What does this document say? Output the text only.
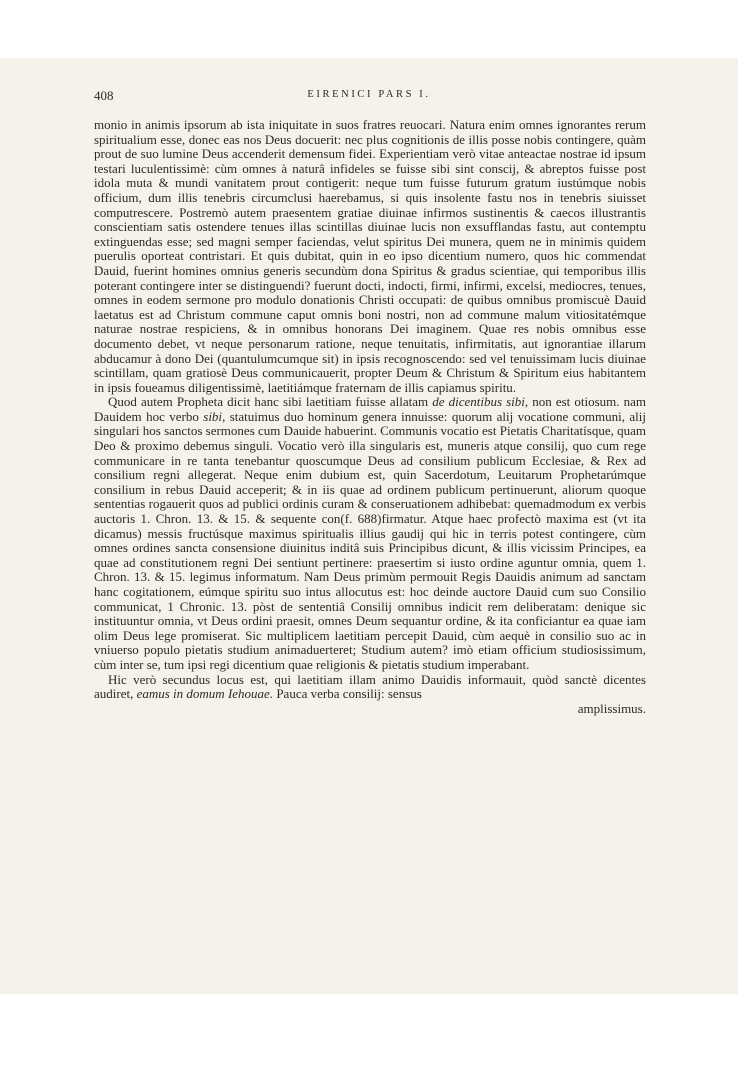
408	EIRENICI PARS I.

monio in animis ipsorum ab ista iniquitate in suos fratres reuocari. Natura enim omnes ignorantes rerum spiritualium esse, donec eas nos Deus docuerit: nec plus cognitionis de illis posse nobis contingere, quàm prout de suo lumine Deus accenderit demensum fidei. Experientiam verò vitae anteactae nostrae id ipsum testari luculentissimè: cùm omnes à naturâ infideles se fuisse sibi sint conscij, & abreptos fuisse post idola muta & mundi vanitatem prout contigerit: neque tum fuisse futurum gratum iustúmque nobis officium, dum illis tenebris circumclusi haerebamus, si quis insolente fastu nos in tenebris siuisset computrescere. Postremò autem praesentem gratiae diuinae infirmos sustinentis & caecos illustrantis conscientiam satis ostendere tenues illas scintillas diuinae lucis non exsufflandas fastu, aut contemptu extinguendas esse; sed magni semper faciendas, velut spiritus Dei munera, quem ne in minimis quidem puerulis oporteat contristari. Et quis dubitat, quin in eo ipso dicentium numero, quos hic commendat Dauid, fuerint homines omnius generis secundùm dona Spiritus & gradus scientiae, qui temporibus illis poterant contingere inter se distinguendi? fuerunt docti, indocti, firmi, infirmi, excelsi, mediocres, tenues, omnes in eodem sermone pro modulo donationis Christi occupati: de quibus omnibus promiscuè Dauid laetatus est ad Christum commune caput omnis boni nostri, non ad commune malum vitiositatémque naturae nostrae respiciens, & in omnibus honorans Dei imaginem. Quae res nobis omnibus esse documento debet, vt neque personarum ratione, neque tenuitatis, infirmitatis, aut ignorantiae illarum abducamur à dono Dei (quantulumcumque sit) in ipsis recognoscendo: sed vel tenuissimam lucis diuinae scintillam, quam gratiosè Deus communicauerit, propter Deum & Christum & Spiritum eius habitantem in ipsis foueamus diligentissimè, laetitiámque fraternam de illis capiamus spiritu.

Quod autem Propheta dicit hanc sibi laetitiam fuisse allatam de dicentibus sibi, non est otiosum. nam Dauidem hoc verbo sibi, statuimus duo hominum genera innuisse: quorum alij vocatione communi, alij singulari hos sanctos sermones cum Dauide habuerint. Communis vocatio est Pietatis Charitatísque, quam Deo & proximo debemus singuli. Vocatio verò illa singularis est, muneris atque consilij, quo cum rege communicare in re tanta tenebantur quoscumque Deus ad consilium publicum Ecclesiae, & Rex ad consilium regni allegerat. Neque enim dubium est, quin Sacerdotum, Leuitarum Prophetarúmque consilium in rebus Dauid acceperit; & in iis quae ad ordinem publicum pertinuerunt, aliorum quoque sententias rogauerit quos ad publici ordinis curam & conseruationem adhibebat: quemadmodum ex verbis auctoris 1. Chron. 13. & 15. & sequente con(f. 688)firmatur. Atque haec profectò maxima est (vt ita dicamus) messis fructúsque maximus spiritualis illius gaudij qui hic in terris potest contingere, cùm omnes ordines sancta consensione diuinitus inditâ suis Principibus dicunt, & illis vicissim Principes, ea quae ad constitutionem regni Dei sentiunt pertinere: praesertim si iusto ordine aguntur omnia, quem 1. Chron. 13. & 15. legimus informatum. Nam Deus primùm permouit Regis Dauidis animum ad sanctam hanc cogitationem, eúmque spiritu suo intus allocutus est: hoc deinde auctore Dauid cum suo Consilio communicat, 1 Chronic. 13. pòst de sententiâ Consilij omnibus indicit rem deliberatam: denique sic instituuntur omnia, vt Deus ordini praesit, omnes Deum sequantur ordine, & ita conficiantur ea quae iam olim Deus lege promiserat. Sic multiplicem laetitiam percepit Dauid, cùm aequè in consilio suo ac in vniuerso populo pietatis studium animaduerteret; Studium autem? imò etiam officium studiosissimum, cùm inter se, tum ipsi regi dicentium quae religionis & pietatis studium imperabant.

Hic verò secundus locus est, qui laetitiam illam animo Dauidis informauit, quòd sanctè dicentes audiret, eamus in domum Iehouae. Pauca verba consilij: sensus

amplissimus.
